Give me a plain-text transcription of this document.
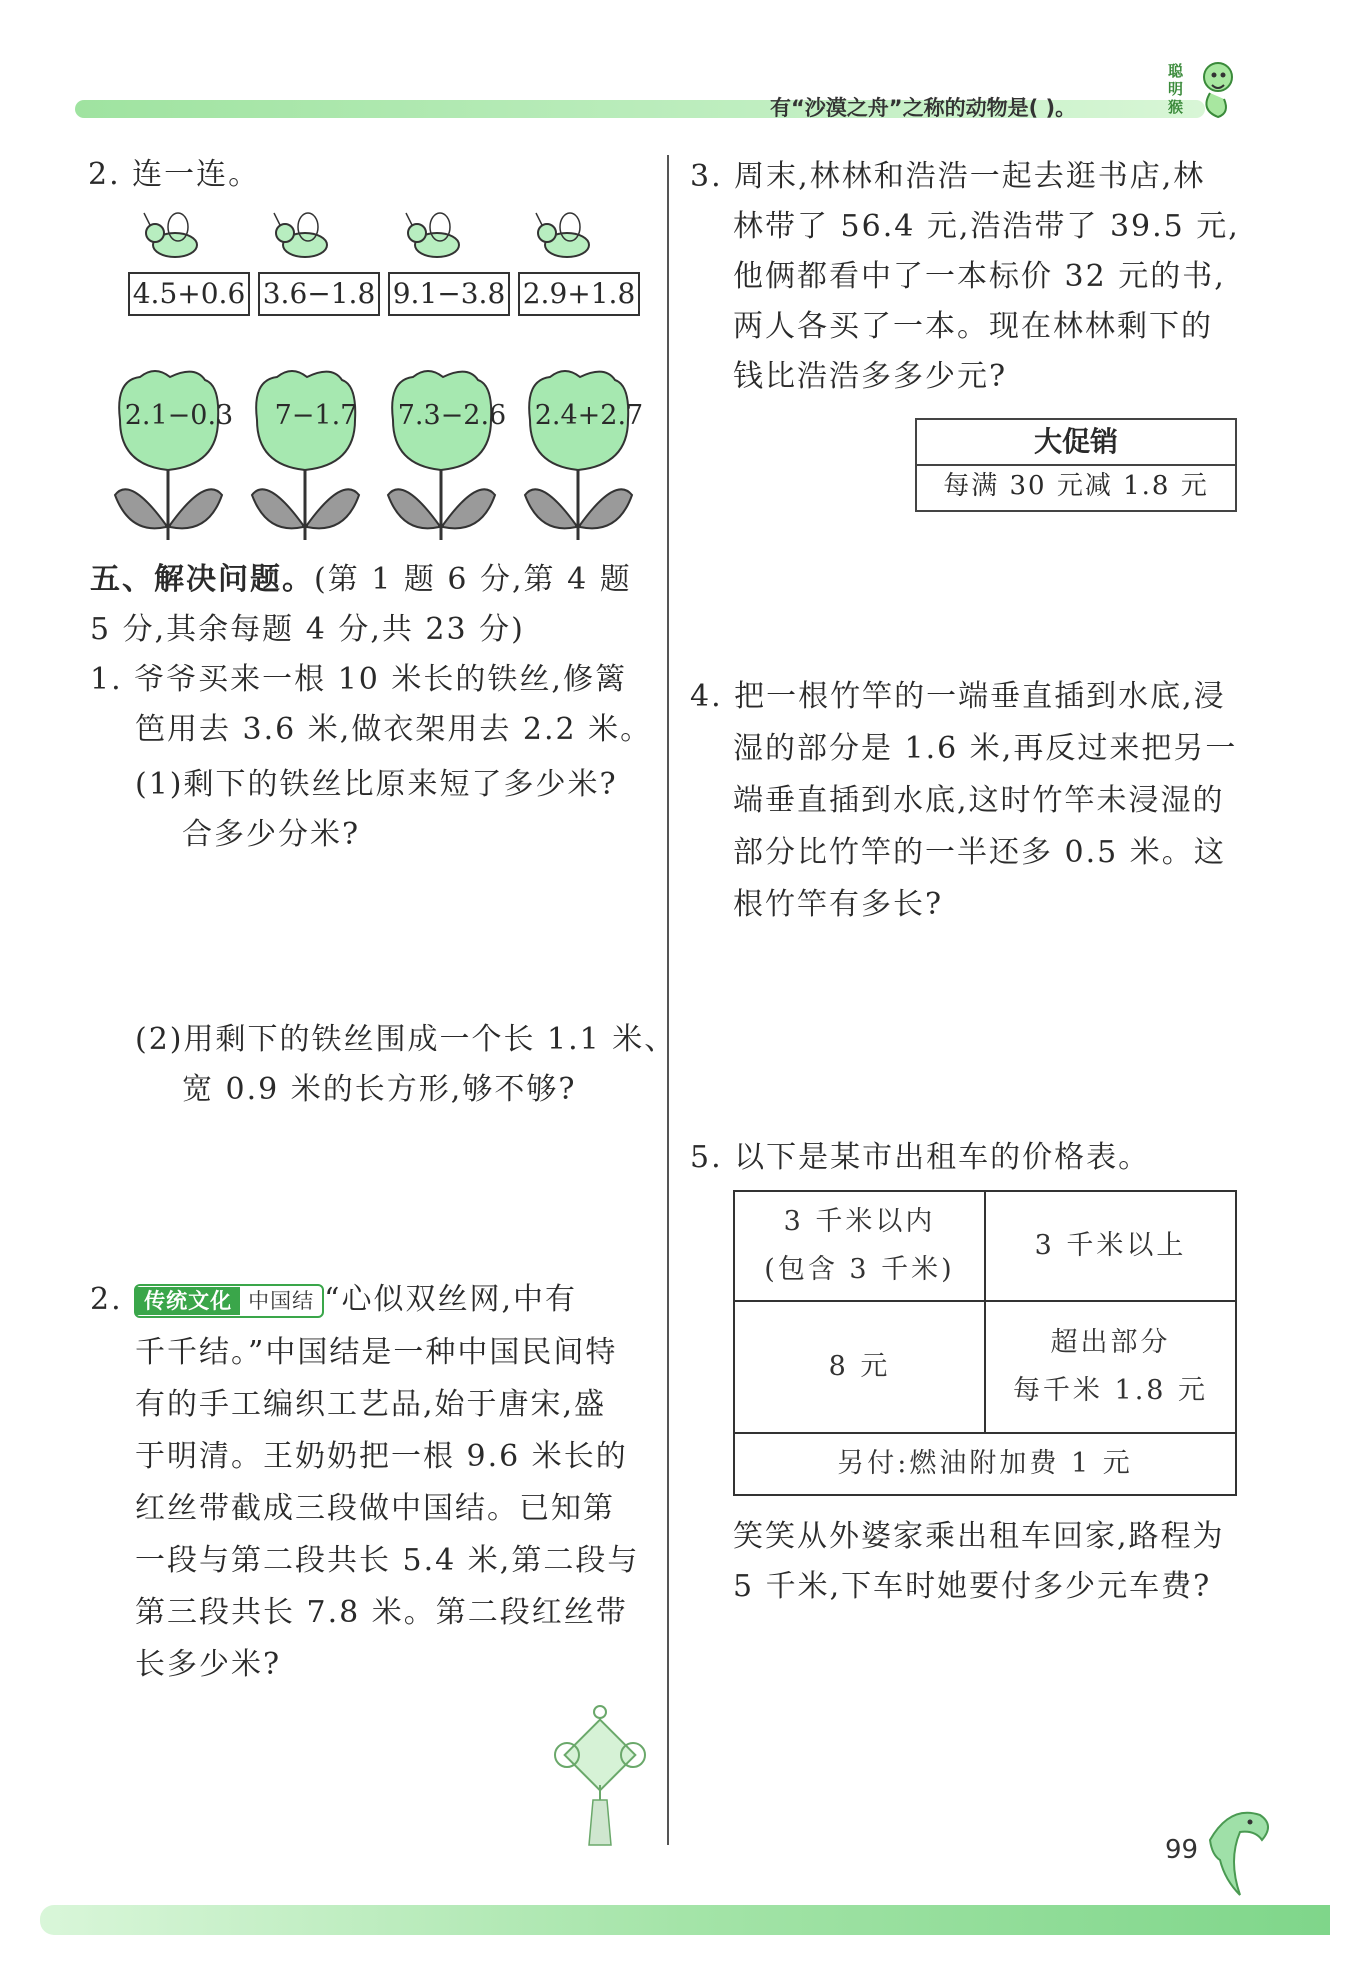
有“沙漠之舟”之称的动物是( )。
聪
明
猴
2. 连一连。
4.5+0.6 3.6−1.8 9.1−3.8 2.9+1.8
2.1−0.3	7−1.7	7.3−2.6 2.4+2.7
五、解决问题。(第 1 题 6 分,第 4 题
5 分,其余每题 4 分,共 23 分)
1. 爷爷买来一根 10 米长的铁丝,修篱
笆用去 3.6 米,做衣架用去 2.2 米。
(1)剩下的铁丝比原来短了多少米?
合多少分米?
(2)用剩下的铁丝围成一个长 1.1 米、
宽 0.9 米的长方形,够不够?
2. 传统文化 中国结 “心似双丝网,中有
千千结。”中国结是一种中国民间特
有的手工编织工艺品,始于唐宋,盛
于明清。王奶奶把一根 9.6 米长的
红丝带截成三段做中国结。已知第
一段与第二段共长 5.4 米,第二段与
第三段共长 7.8 米。第二段红丝带
长多少米?
3. 周末,林林和浩浩一起去逛书店,林
林带了 56.4 元,浩浩带了 39.5 元,
他俩都看中了一本标价 32 元的书,
两人各买了一本。现在林林剩下的
钱比浩浩多多少元?
大促销
每满 30 元减 1.8 元
4. 把一根竹竿的一端垂直插到水底,浸
湿的部分是 1.6 米,再反过来把另一
端垂直插到水底,这时竹竿未浸湿的
部分比竹竿的一半还多 0.5 米。这
根竹竿有多长?
5. 以下是某市出租车的价格表。
3 千米以内
(包含 3 千米)	3 千米以上
8 元	超出部分
每千米 1.8 元

另付:燃油附加费 1 元	
笑笑从外婆家乘出租车回家,路程为
5 千米,下车时她要付多少元车费?
99
